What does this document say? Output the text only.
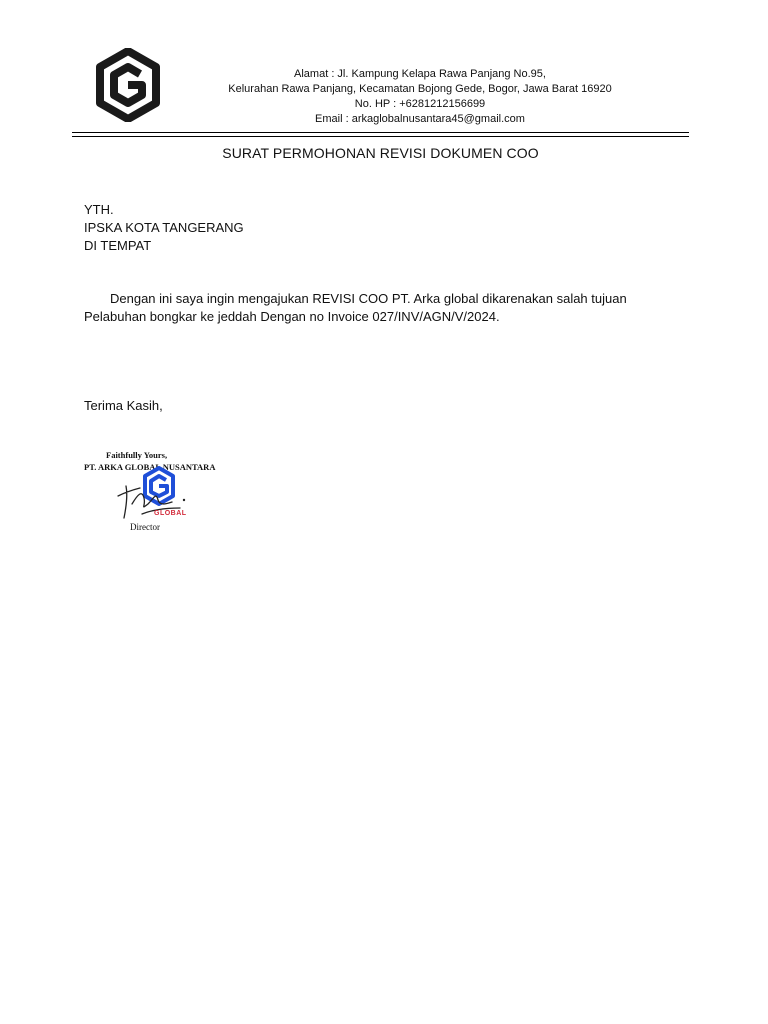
Alamat : Jl. Kampung Kelapa Rawa Panjang No.95,
Kelurahan Rawa Panjang, Kecamatan Bojong Gede, Bogor, Jawa Barat 16920
No. HP : +6281212156699
Email : arkaglobalnusantara45@gmail.com
SURAT PERMOHONAN REVISI DOKUMEN COO
YTH.
IPSKA KOTA TANGERANG
DI TEMPAT
Dengan ini saya ingin mengajukan REVISI COO PT. Arka global dikarenakan salah tujuan Pelabuhan bongkar ke jeddah Dengan no Invoice 027/INV/AGN/V/2024.
Terima Kasih,
Faithfully Yours,
PT. ARKA GLOBAL NUSANTARA
GLOBAL
Director
